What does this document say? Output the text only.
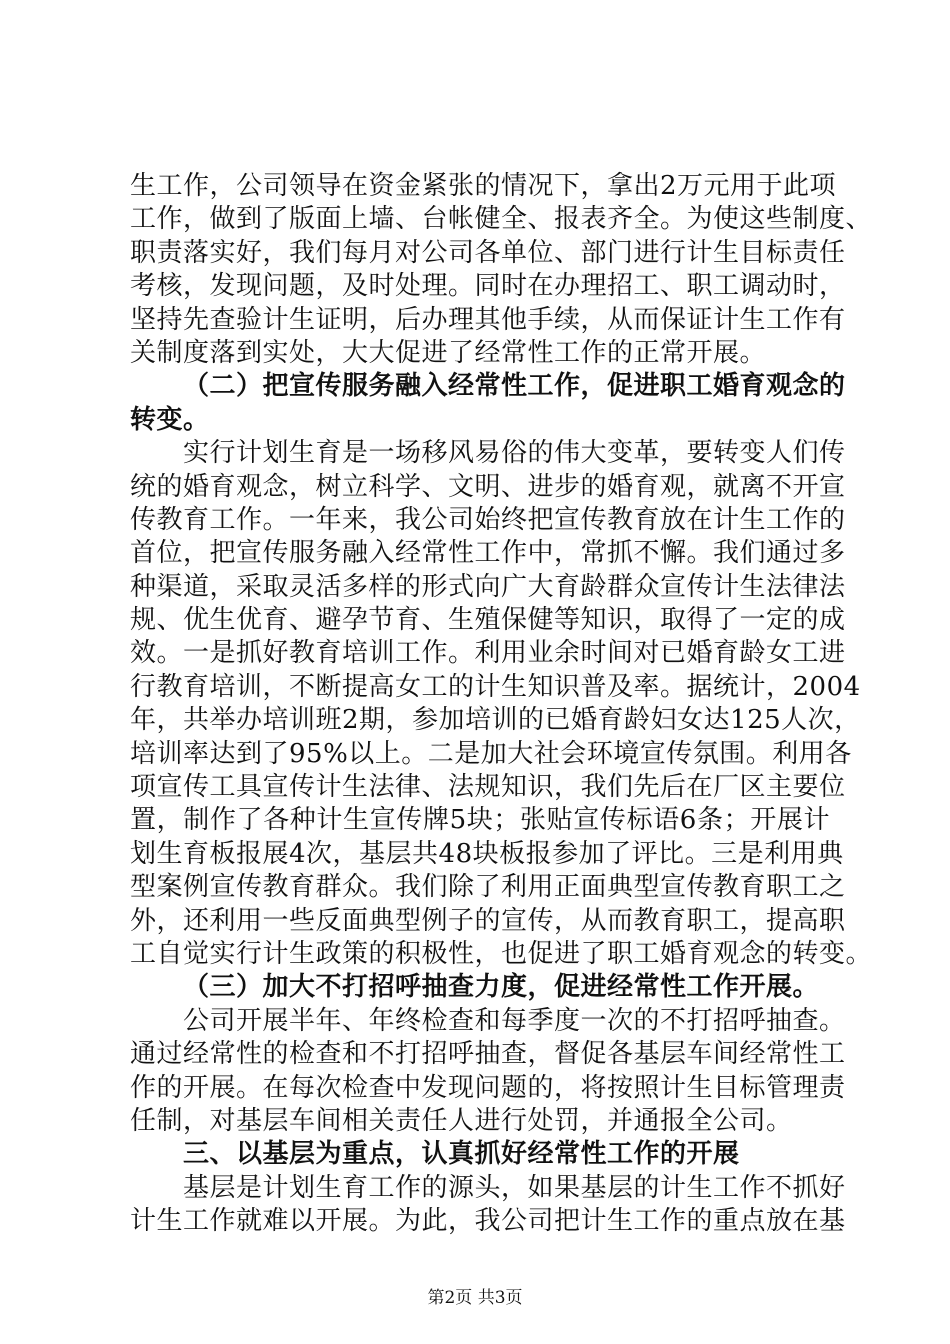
生工作，公司领导在资金紧张的情况下，拿出2万元用于此项
工作，做到了版面上墙、台帐健全、报表齐全。为使这些制度、
职责落实好，我们每月对公司各单位、部门进行计生目标责任
考核，发现问题，及时处理。同时在办理招工、职工调动时，
坚持先查验计生证明，后办理其他手续，从而保证计生工作有
关制度落到实处，大大促进了经常性工作的正常开展。
（二）把宣传服务融入经常性工作，促进职工婚育观念的
转变。
实行计划生育是一场移风易俗的伟大变革，要转变人们传
统的婚育观念，树立科学、文明、进步的婚育观，就离不开宣
传教育工作。一年来，我公司始终把宣传教育放在计生工作的
首位，把宣传服务融入经常性工作中，常抓不懈。我们通过多
种渠道，采取灵活多样的形式向广大育龄群众宣传计生法律法
规、优生优育、避孕节育、生殖保健等知识，取得了一定的成
效。一是抓好教育培训工作。利用业余时间对已婚育龄女工进
行教育培训，不断提高女工的计生知识普及率。据统计，2004
年，共举办培训班2期，参加培训的已婚育龄妇女达125人次，
培训率达到了95%以上。二是加大社会环境宣传氛围。利用各
项宣传工具宣传计生法律、法规知识，我们先后在厂区主要位
置，制作了各种计生宣传牌5块；张贴宣传标语6条；开展计
划生育板报展4次，基层共48块板报参加了评比。三是利用典
型案例宣传教育群众。我们除了利用正面典型宣传教育职工之
外，还利用一些反面典型例子的宣传，从而教育职工，提高职
工自觉实行计生政策的积极性，也促进了职工婚育观念的转变。
（三）加大不打招呼抽查力度，促进经常性工作开展。
公司开展半年、年终检查和每季度一次的不打招呼抽查。
通过经常性的检查和不打招呼抽查，督促各基层车间经常性工
作的开展。在每次检查中发现问题的，将按照计生目标管理责
任制，对基层车间相关责任人进行处罚，并通报全公司。
三、以基层为重点，认真抓好经常性工作的开展
基层是计划生育工作的源头，如果基层的计生工作不抓好
计生工作就难以开展。为此，我公司把计生工作的重点放在基
第2页 共3页
